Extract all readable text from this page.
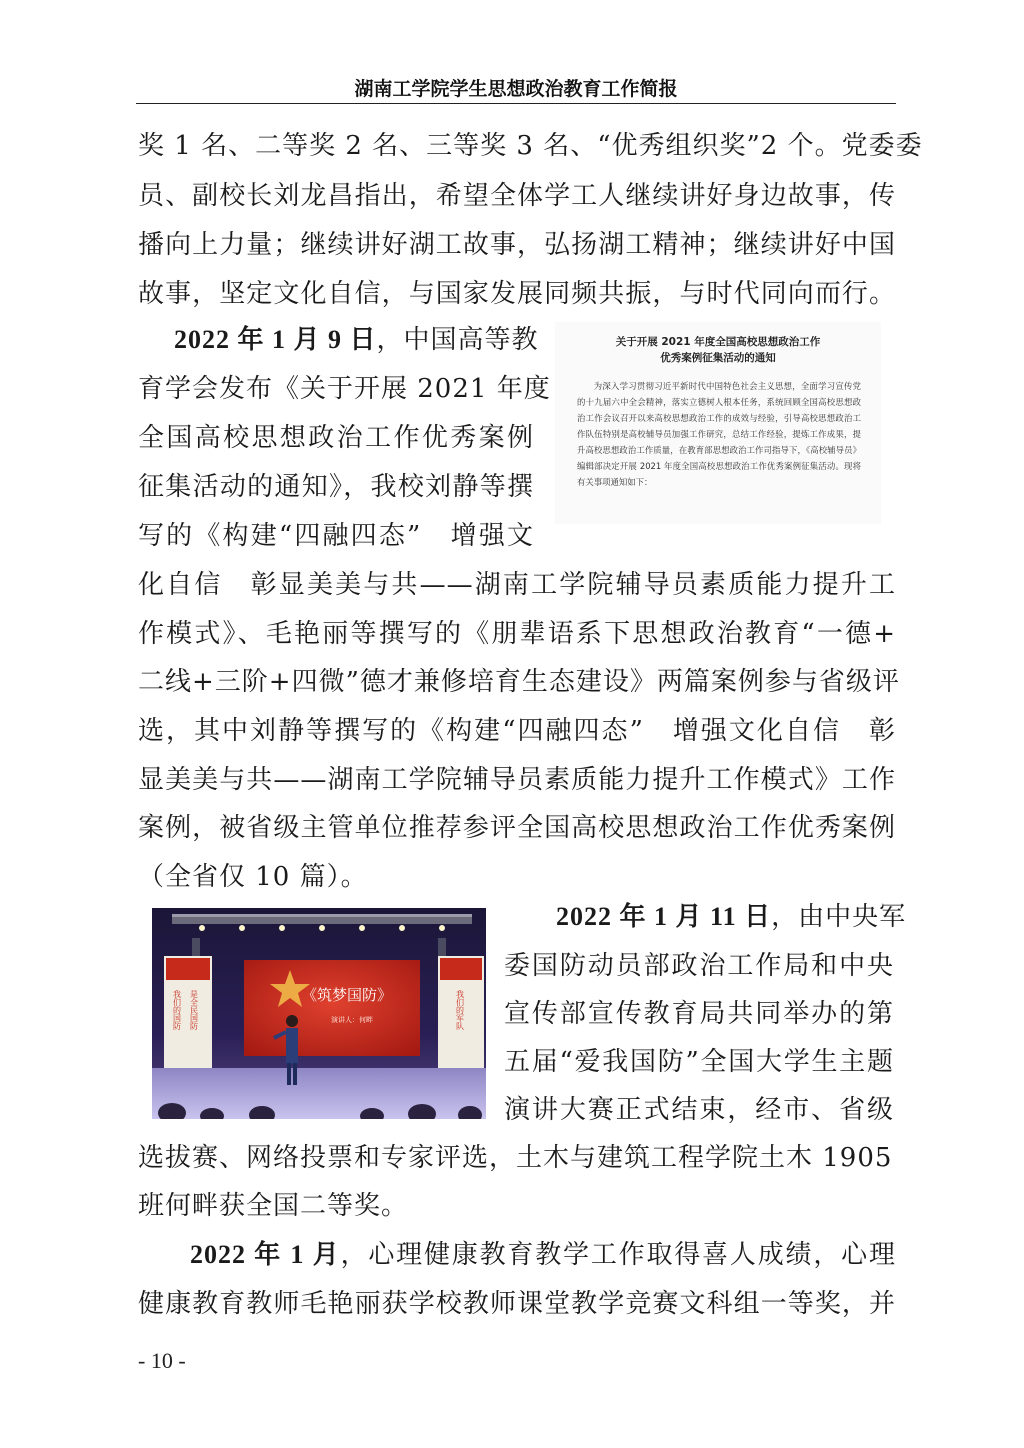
湖南工学院学生思想政治教育工作简报
奖 1 名、二等奖 2 名、三等奖 3 名、“优秀组织奖”2 个。党委委
员、副校长刘龙昌指出，希望全体学工人继续讲好身边故事，传
播向上力量；继续讲好湖工故事，弘扬湖工精神；继续讲好中国
故事，坚定文化自信，与国家发展同频共振，与时代同向而行。
2022 年 1 月 9 日，中国高等教
育学会发布《关于开展 2021 年度
全国高校思想政治工作优秀案例
征集活动的通知》，我校刘静等撰
写的《构建“四融四态”　增强文
化自信　彰显美美与共——湖南工学院辅导员素质能力提升工
作模式》、毛艳丽等撰写的《朋辈语系下思想政治教育“一德+
二线+三阶+四微”德才兼修培育生态建设》两篇案例参与省级评
选，其中刘静等撰写的《构建“四融四态”　增强文化自信　彰
显美美与共——湖南工学院辅导员素质能力提升工作模式》工作
案例，被省级主管单位推荐参评全国高校思想政治工作优秀案例
（全省仅 10 篇）。
关于开展 2021 年度全国高校思想政治工作
优秀案例征集活动的通知
为深入学习贯彻习近平新时代中国特色社会主义思想，全面学习宣传党的十九届六中全会精神，落实立德树人根本任务，系统回顾全国高校思想政治工作会议召开以来高校思想政治工作的成效与经验，引导高校思想政治工作队伍特别是高校辅导员加强工作研究，总结工作经验，提炼工作成果，提升高校思想政治工作质量，在教育部思想政治工作司指导下，《高校辅导员》编辑部决定开展 2021 年度全国高校思想政治工作优秀案例征集活动。现将有关事项通知如下：
《筑梦国防》
演讲人：何畔
我们的国防 是全民国防	我们的军队
2022 年 1 月 11 日，由中央军
委国防动员部政治工作局和中央
宣传部宣传教育局共同举办的第
五届“爱我国防”全国大学生主题
演讲大赛正式结束，经市、省级
选拔赛、网络投票和专家评选，土木与建筑工程学院土木 1905
班何畔获全国二等奖。
2022 年 1 月，心理健康教育教学工作取得喜人成绩，心理
健康教育教师毛艳丽获学校教师课堂教学竞赛文科组一等奖，并
- 10 -
